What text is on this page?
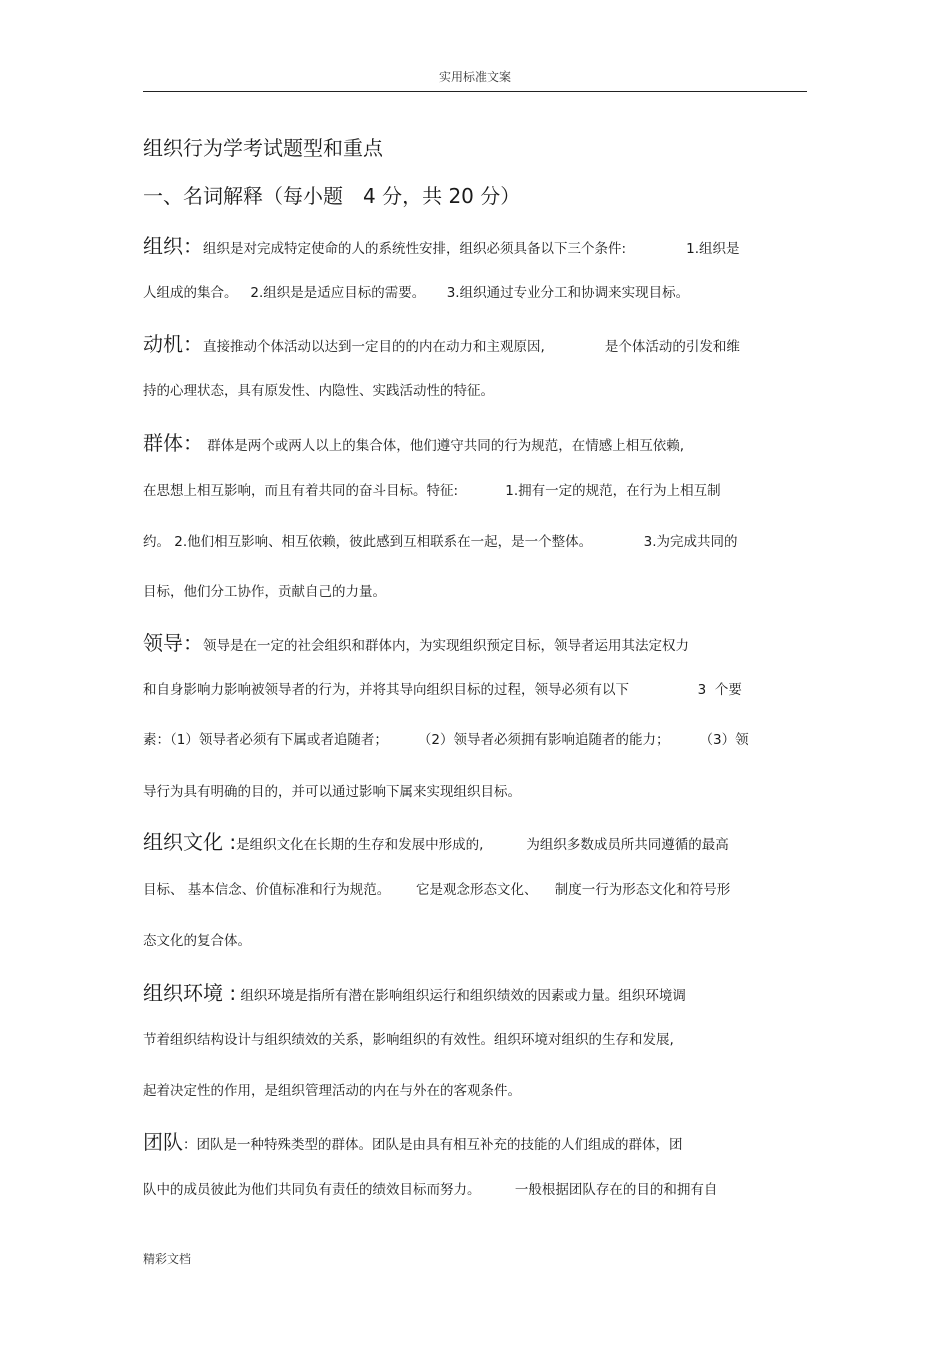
实用标准文案
组织行为学考试题型和重点
一、名词解释（每小题　4 分，共 20 分）
组织：组织是对完成特定使命的人的系统性安排，组织必须具备以下三个条件:              1.组织是
人组成的集合。   2.组织是是适应目标的需要。     3.组织通过专业分工和协调来实现目标。
动机：直接推动个体活动以达到一定目的的内在动力和主观原因,              是个体活动的引发和维
持的心理状态，具有原发性、内隐性、实践活动性的特征。
群体： 群体是两个或两人以上的集合体，他们遵守共同的行为规范，在情感上相互依赖,
在思想上相互影响，而且有着共同的奋斗目标。特征:           1.拥有一定的规范，在行为上相互制
约。 2.他们相互影响、相互依赖，彼此感到互相联系在一起，是一个整体。            3.为完成共同的
目标，他们分工协作，贡献自己的力量。
领导：领导是在一定的社会组织和群体内，为实现组织预定目标，领导者运用其法定权力
和自身影响力影响被领导者的行为，并将其导向组织目标的过程，领导必须有以下                3  个要
素：（1）领导者必须有下属或者追随者；       （2）领导者必须拥有影响追随者的能力；       （3）领
导行为具有明确的目的，并可以通过影响下属来实现组织目标。
组织文化 :是组织文化在长期的生存和发展中形成的,          为组织多数成员所共同遵循的最高
目标、 基本信念、价值标准和行为规范。      它是观念形态文化、    制度一行为形态文化和符号形
态文化的复合体。
组织环境 : 组织环境是指所有潜在影响组织运行和组织绩效的因素或力量。组织环境调
节着组织结构设计与组织绩效的关系，影响组织的有效性。组织环境对组织的生存和发展,
起着决定性的作用，是组织管理活动的内在与外在的客观条件。
团队：团队是一种特殊类型的群体。团队是由具有相互补充的技能的人们组成的群体，团
队中的成员彼此为他们共同负有责任的绩效目标而努力。        一般根据团队存在的目的和拥有自
精彩文档
